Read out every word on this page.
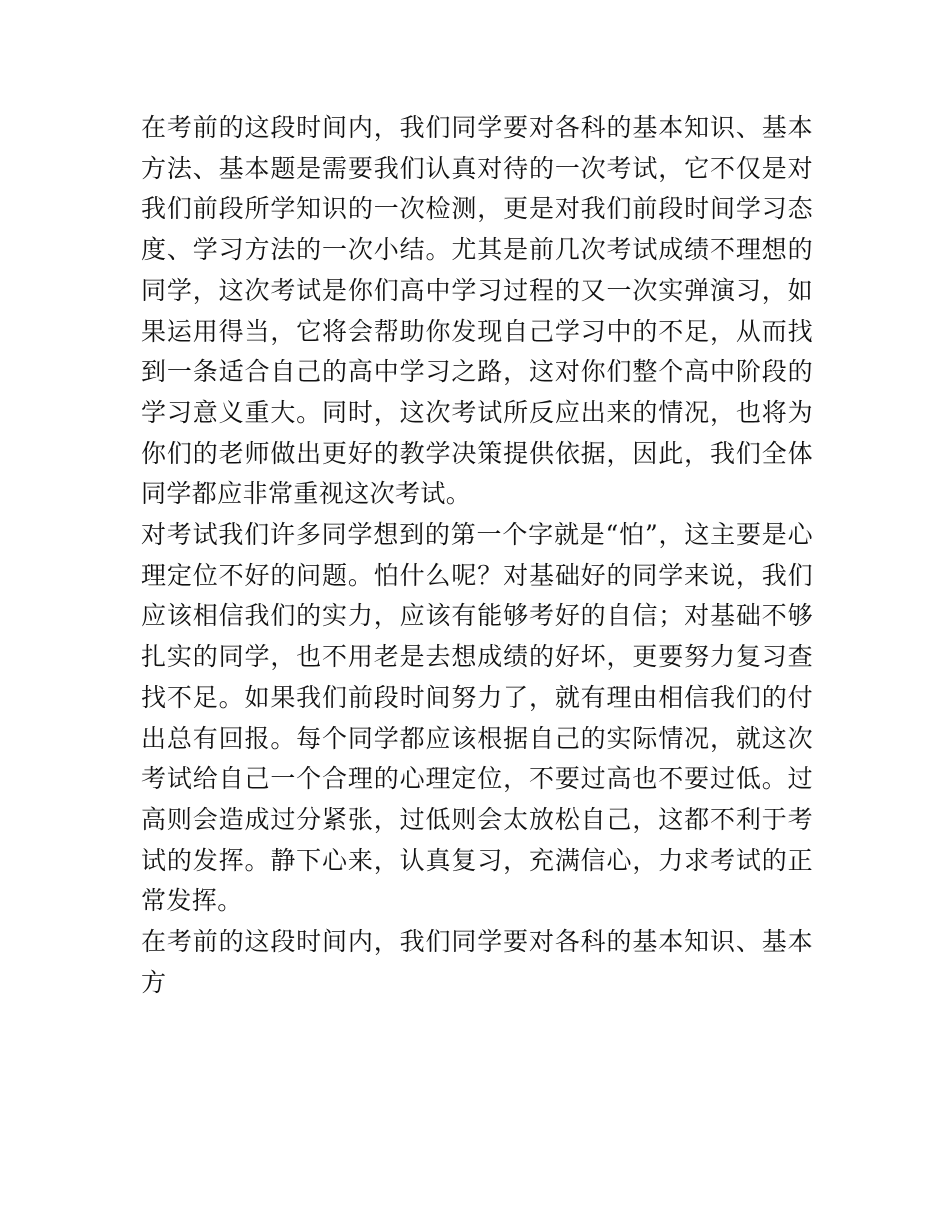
在考前的这段时间内，我们同学要对各科的基本知识、基本方法、基本题是需要我们认真对待的一次考试，它不仅是对我们前段所学知识的一次检测，更是对我们前段时间学习态度、学习方法的一次小结。尤其是前几次考试成绩不理想的同学，这次考试是你们高中学习过程的又一次实弹演习，如果运用得当，它将会帮助你发现自己学习中的不足，从而找到一条适合自己的高中学习之路，这对你们整个高中阶段的学习意义重大。同时，这次考试所反应出来的情况，也将为你们的老师做出更好的教学决策提供依据，因此，我们全体同学都应非常重视这次考试。

对考试我们许多同学想到的第一个字就是“怕”，这主要是心理定位不好的问题。怕什么呢？对基础好的同学来说，我们应该相信我们的实力，应该有能够考好的自信；对基础不够扎实的同学，也不用老是去想成绩的好坏，更要努力复习查找不足。如果我们前段时间努力了，就有理由相信我们的付出总有回报。每个同学都应该根据自己的实际情况，就这次考试给自己一个合理的心理定位，不要过高也不要过低。过高则会造成过分紧张，过低则会太放松自己，这都不利于考试的发挥。静下心来，认真复习，充满信心，力求考试的正常发挥。

在考前的这段时间内，我们同学要对各科的基本知识、基本方
